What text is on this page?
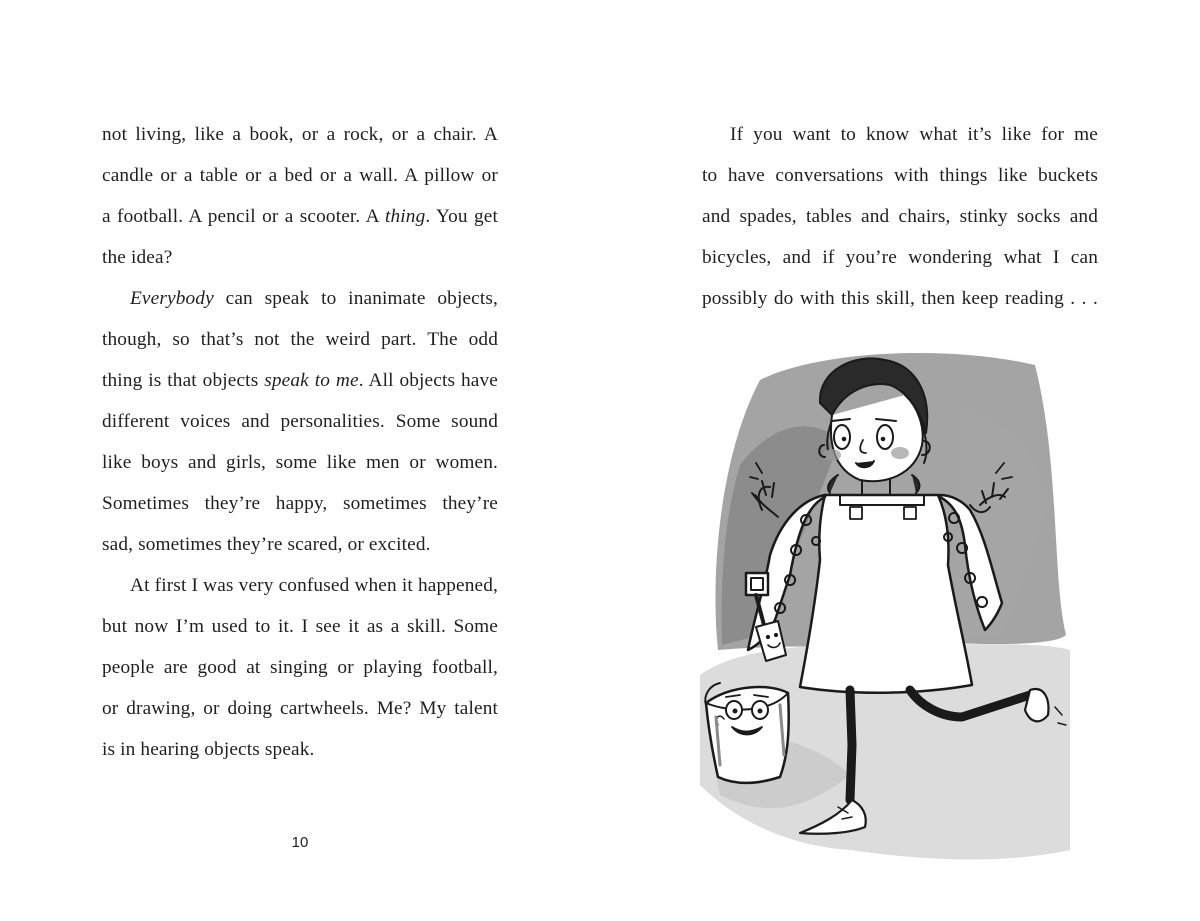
not living, like a book, or a rock, or a chair. A
candle or a table or a bed or a wall. A pillow or
a football. A pencil or a scooter. A thing. You get
the idea?
Everybody can speak to inanimate objects,
though, so that’s not the weird part. The odd
thing is that objects speak to me. All objects have
different voices and personalities. Some sound
like boys and girls, some like men or women.
Sometimes they’re happy, sometimes they’re
sad, sometimes they’re scared, or excited.
At first I was very confused when it happened,
but now I’m used to it. I see it as a skill. Some
people are good at singing or playing football,
or drawing, or doing cartwheels. Me? My talent
is in hearing objects speak.
10
If you want to know what it’s like for me
to have conversations with things like buckets
and spades, tables and chairs, stinky socks and
bicycles, and if you’re wondering what I can
possibly do with this skill, then keep reading . . .
